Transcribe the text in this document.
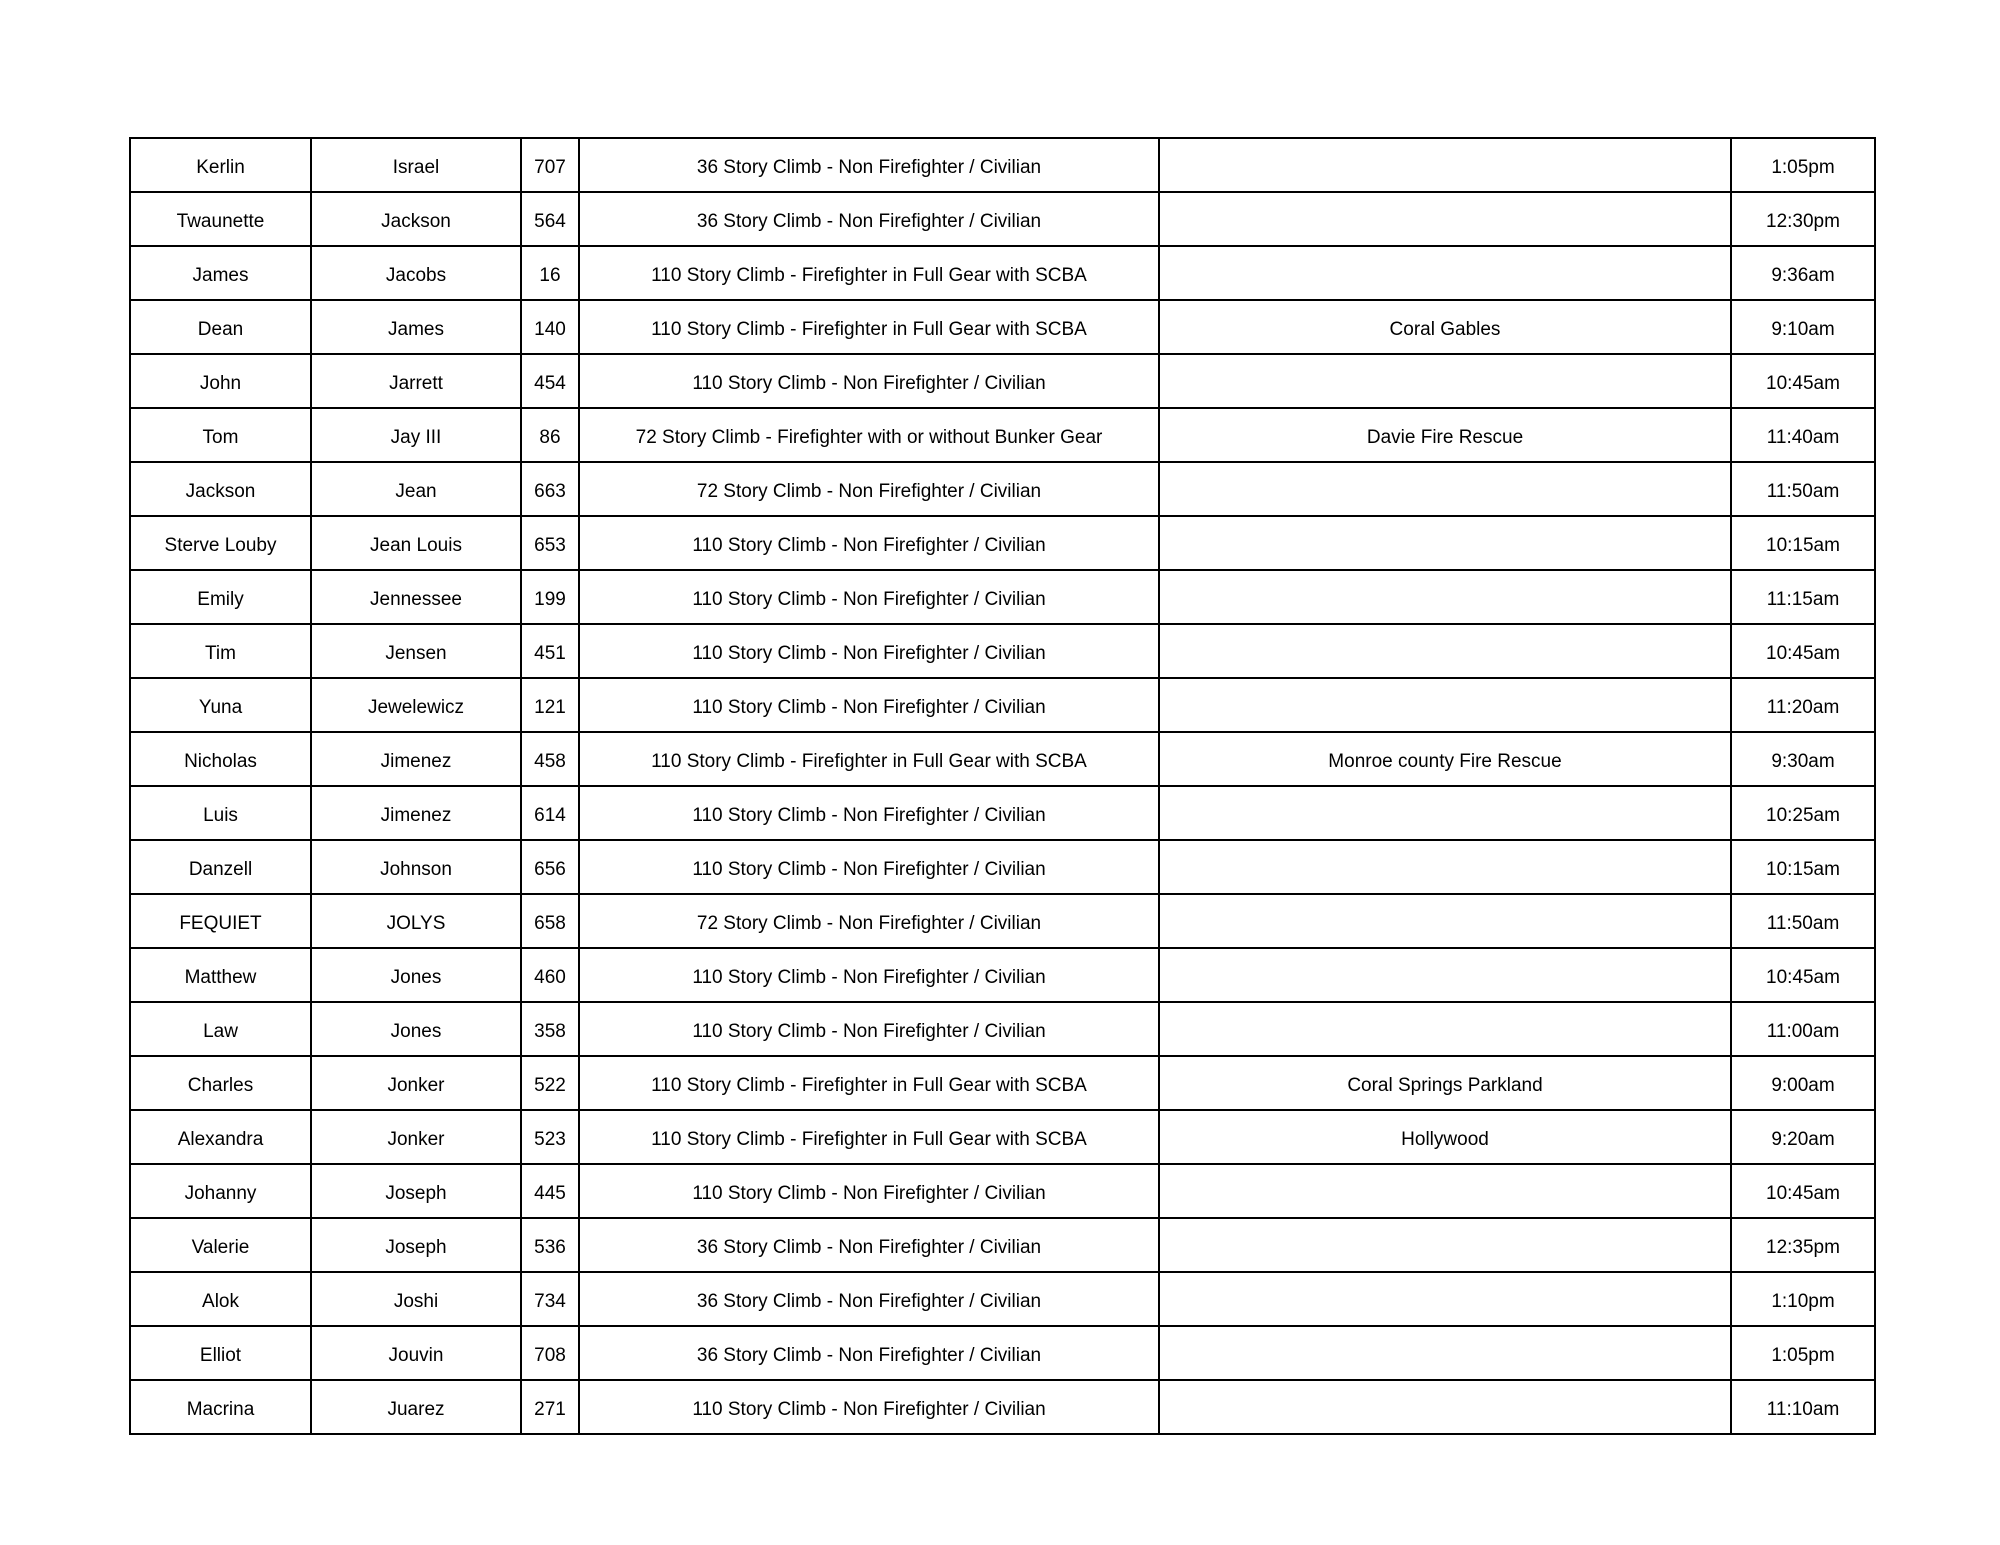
Kerlin	Israel	707	36 Story Climb - Non Firefighter / Civilian		1:05pm
Twaunette	Jackson	564	36 Story Climb - Non Firefighter / Civilian		12:30pm
James	Jacobs	16	110 Story Climb - Firefighter in Full Gear with SCBA		9:36am
Dean	James	140	110 Story Climb - Firefighter in Full Gear with SCBA	Coral Gables	9:10am
John	Jarrett	454	110 Story Climb - Non Firefighter / Civilian		10:45am
Tom	Jay III	86	72 Story Climb - Firefighter with or without Bunker Gear	Davie Fire Rescue	11:40am
Jackson	Jean	663	72 Story Climb - Non Firefighter / Civilian		11:50am
Sterve Louby	Jean Louis	653	110 Story Climb - Non Firefighter / Civilian		10:15am
Emily	Jennessee	199	110 Story Climb - Non Firefighter / Civilian		11:15am
Tim	Jensen	451	110 Story Climb - Non Firefighter / Civilian		10:45am
Yuna	Jewelewicz	121	110 Story Climb - Non Firefighter / Civilian		11:20am
Nicholas	Jimenez	458	110 Story Climb - Firefighter in Full Gear with SCBA	Monroe county Fire Rescue	9:30am
Luis	Jimenez	614	110 Story Climb - Non Firefighter / Civilian		10:25am
Danzell	Johnson	656	110 Story Climb - Non Firefighter / Civilian		10:15am
FEQUIET	JOLYS	658	72 Story Climb - Non Firefighter / Civilian		11:50am
Matthew	Jones	460	110 Story Climb - Non Firefighter / Civilian		10:45am
Law	Jones	358	110 Story Climb - Non Firefighter / Civilian		11:00am
Charles	Jonker	522	110 Story Climb - Firefighter in Full Gear with SCBA	Coral Springs Parkland	9:00am
Alexandra	Jonker	523	110 Story Climb - Firefighter in Full Gear with SCBA	Hollywood	9:20am
Johanny	Joseph	445	110 Story Climb - Non Firefighter / Civilian		10:45am
Valerie	Joseph	536	36 Story Climb - Non Firefighter / Civilian		12:35pm
Alok	Joshi	734	36 Story Climb - Non Firefighter / Civilian		1:10pm
Elliot	Jouvin	708	36 Story Climb - Non Firefighter / Civilian		1:05pm
Macrina	Juarez	271	110 Story Climb - Non Firefighter / Civilian		11:10am
